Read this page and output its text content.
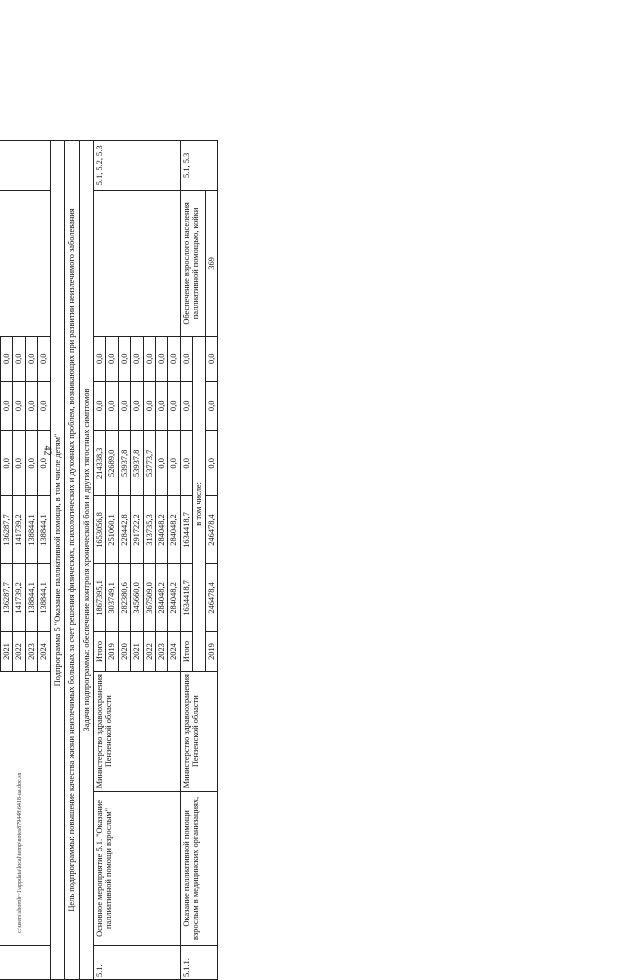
42
c:\users\sboroh~1\appdata\local\temp\notes879448\6418-ua.doc.sx

			2021	136287,7	136287,7	0,0	0,0	0,0		
			2022	141739,2	141739,2	0,0	0,0	0,0		
			2023	138844,1	138844,1	0,0	0,0	0,0		
			2024	138844,1	138844,1	0,0	0,0	0,0		
Подпрограмма 5 "Оказание паллиативной помощи, в том числе детям"										
Цель подпрограммы: повышение качества жизни неизлечимых больных за счет решения физических, психологических и духовных проблем, возникающих при развитии неизлечимого заболевания										
Задачи подпрограммы: обеспечение контроля хронической боли и других тягостных симптомов										
5.1.	Основное мероприятие 5.1. "Оказание паллиативной помощи взрослым"	Министерство здравоохранения Пензенской области	Итого	1867395,1	1653056,8	214338,3	0,0	0,0		5.1, 5.2, 5.3
			2019	303749,1	251060,1	52689,0	0,0	0,0		
			2020	282380,6	228442,8	53937,8	0,0	0,0		
			2021	345660,0	291722,2	53937,8	0,0	0,0		
			2022	367509,0	313735,3	53773,7	0,0	0,0		
			2023	284048,2	284048,2	0,0	0,0	0,0		
			2024	284048,2	284048,2	0,0	0,0	0,0		
5.1.1.	Оказание паллиативной помощи взрослым в медицинских организациях,	Министерство здравоохранения Пензенской области	Итого	1634418,7	1634418,7	0,0	0,0	0,0	Обеспечение взрослого населения паллиативной помощью, койки	5.1, 5.3
			в том числе:							
			2019	246478,4	246478,4	0,0	0,0	0,0	369	
